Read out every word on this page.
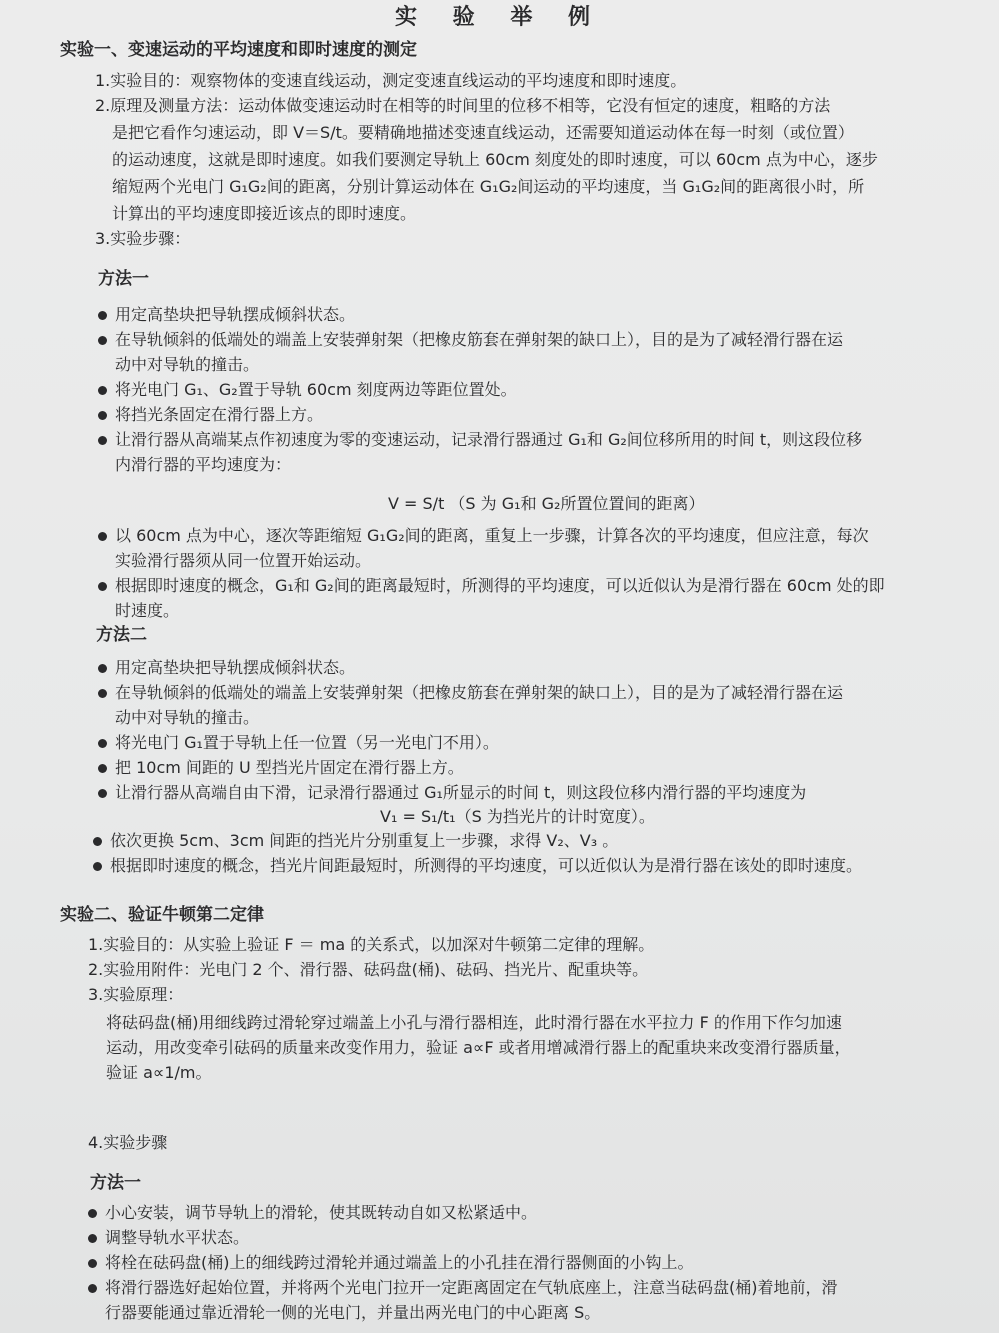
实 验 举 例
实验一、变速运动的平均速度和即时速度的测定
1.实验目的：观察物体的变速直线运动，测定变速直线运动的平均速度和即时速度。
2.原理及测量方法：运动体做变速运动时在相等的时间里的位移不相等，它没有恒定的速度，粗略的方法
是把它看作匀速运动，即 V＝S/t。要精确地描述变速直线运动，还需要知道运动体在每一时刻（或位置）
的运动速度，这就是即时速度。如我们要测定导轨上 60cm 刻度处的即时速度，可以 60cm 点为中心，逐步
缩短两个光电门 G₁G₂间的距离，分别计算运动体在 G₁G₂间运动的平均速度，当 G₁G₂间的距离很小时，所
计算出的平均速度即接近该点的即时速度。
3.实验步骤：
方法一
用定高垫块把导轨摆成倾斜状态。
在导轨倾斜的低端处的端盖上安装弹射架（把橡皮筋套在弹射架的缺口上），目的是为了减轻滑行器在运
动中对导轨的撞击。
将光电门 G₁、G₂置于导轨 60cm 刻度两边等距位置处。
将挡光条固定在滑行器上方。
让滑行器从高端某点作初速度为零的变速运动，记录滑行器通过 G₁和 G₂间位移所用的时间 t，则这段位移
内滑行器的平均速度为：
V = S/t （S 为 G₁和 G₂所置位置间的距离）
以 60cm 点为中心，逐次等距缩短 G₁G₂间的距离，重复上一步骤，计算各次的平均速度，但应注意，每次
实验滑行器须从同一位置开始运动。
根据即时速度的概念，G₁和 G₂间的距离最短时，所测得的平均速度，可以近似认为是滑行器在 60cm 处的即
时速度。
方法二
用定高垫块把导轨摆成倾斜状态。
在导轨倾斜的低端处的端盖上安装弹射架（把橡皮筋套在弹射架的缺口上），目的是为了减轻滑行器在运
动中对导轨的撞击。
将光电门 G₁置于导轨上任一位置（另一光电门不用）。
把 10cm 间距的 U 型挡光片固定在滑行器上方。
让滑行器从高端自由下滑，记录滑行器通过 G₁所显示的时间 t，则这段位移内滑行器的平均速度为
V₁ = S₁/t₁（S 为挡光片的计时宽度）。
依次更换 5cm、3cm 间距的挡光片分别重复上一步骤，求得 V₂、V₃ 。
根据即时速度的概念，挡光片间距最短时，所测得的平均速度，可以近似认为是滑行器在该处的即时速度。
实验二、验证牛顿第二定律
1.实验目的：从实验上验证 F ＝ ma 的关系式，以加深对牛顿第二定律的理解。
2.实验用附件：光电门 2 个、滑行器、砝码盘(桶)、砝码、挡光片、配重块等。
3.实验原理：
将砝码盘(桶)用细线跨过滑轮穿过端盖上小孔与滑行器相连，此时滑行器在水平拉力 F 的作用下作匀加速
运动，用改变牵引砝码的质量来改变作用力，验证 a∝F 或者用增减滑行器上的配重块来改变滑行器质量，
验证 a∝1/m。
4.实验步骤
方法一
小心安装，调节导轨上的滑轮，使其既转动自如又松紧适中。
调整导轨水平状态。
将栓在砝码盘(桶)上的细线跨过滑轮并通过端盖上的小孔挂在滑行器侧面的小钩上。
将滑行器选好起始位置，并将两个光电门拉开一定距离固定在气轨底座上，注意当砝码盘(桶)着地前，滑
行器要能通过靠近滑轮一侧的光电门，并量出两光电门的中心距离 S。
